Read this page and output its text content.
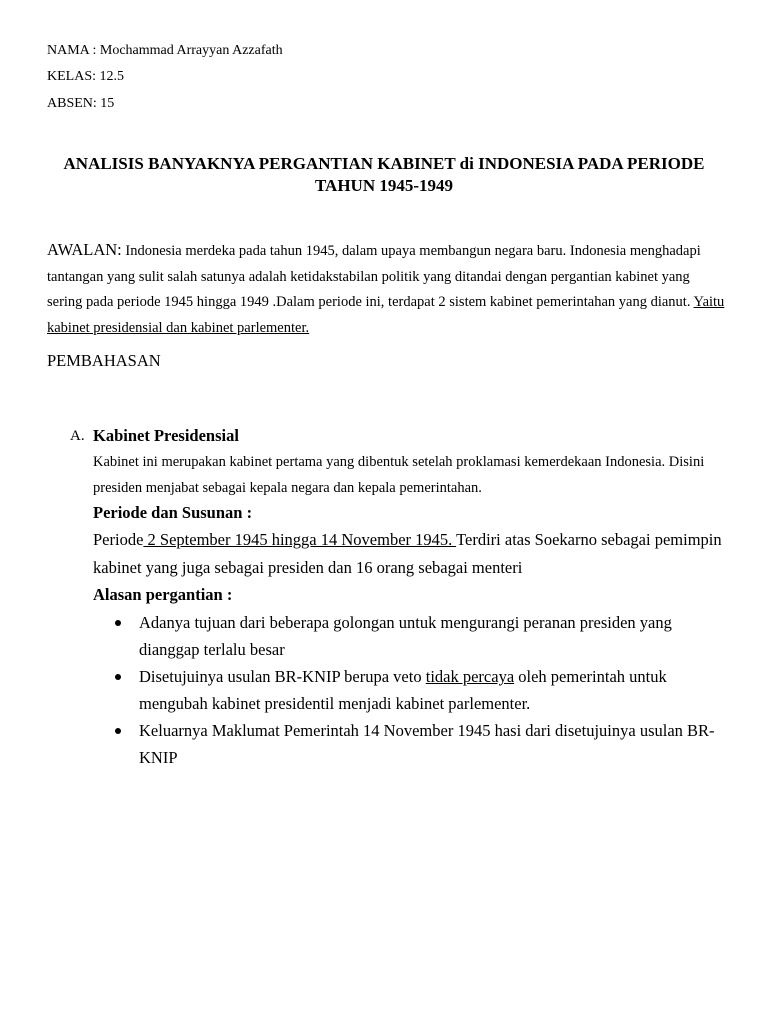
NAMA : Mochammad Arrayyan Azzafath
KELAS: 12.5
ABSEN: 15
ANALISIS BANYAKNYA PERGANTIAN KABINET di INDONESIA PADA PERIODE TAHUN 1945-1949

AWALAN: Indonesia merdeka pada tahun 1945, dalam upaya membangun negara baru. Indonesia menghadapi tantangan yang sulit salah satunya adalah ketidakstabilan politik yang ditandai dengan pergantian kabinet yang sering pada periode 1945 hingga 1949 .Dalam periode ini, terdapat 2 sistem kabinet pemerintahan yang dianut. Yaitu kabinet presidensial dan kabinet parlementer.

PEMBAHASAN
A. Kabinet Presidensial

Kabinet ini merupakan kabinet pertama yang dibentuk setelah proklamasi kemerdekaan Indonesia. Disini presiden menjabat sebagai kepala negara dan kepala pemerintahan.

Periode dan Susunan :

Periode 2 September 1945 hingga 14 November 1945. Terdiri atas Soekarno sebagai pemimpin kabinet yang juga sebagai presiden dan 16 orang sebagai menteri

Alasan pergantian :

Adanya tujuan dari beberapa golongan untuk mengurangi peranan presiden yang dianggap terlalu besar
Disetujuinya usulan BR-KNIP berupa veto tidak percaya oleh pemerintah untuk mengubah kabinet presidentil menjadi kabinet parlementer.
Keluarnya Maklumat Pemerintah 14 November 1945 hasi dari disetujuinya usulan BR-KNIP
